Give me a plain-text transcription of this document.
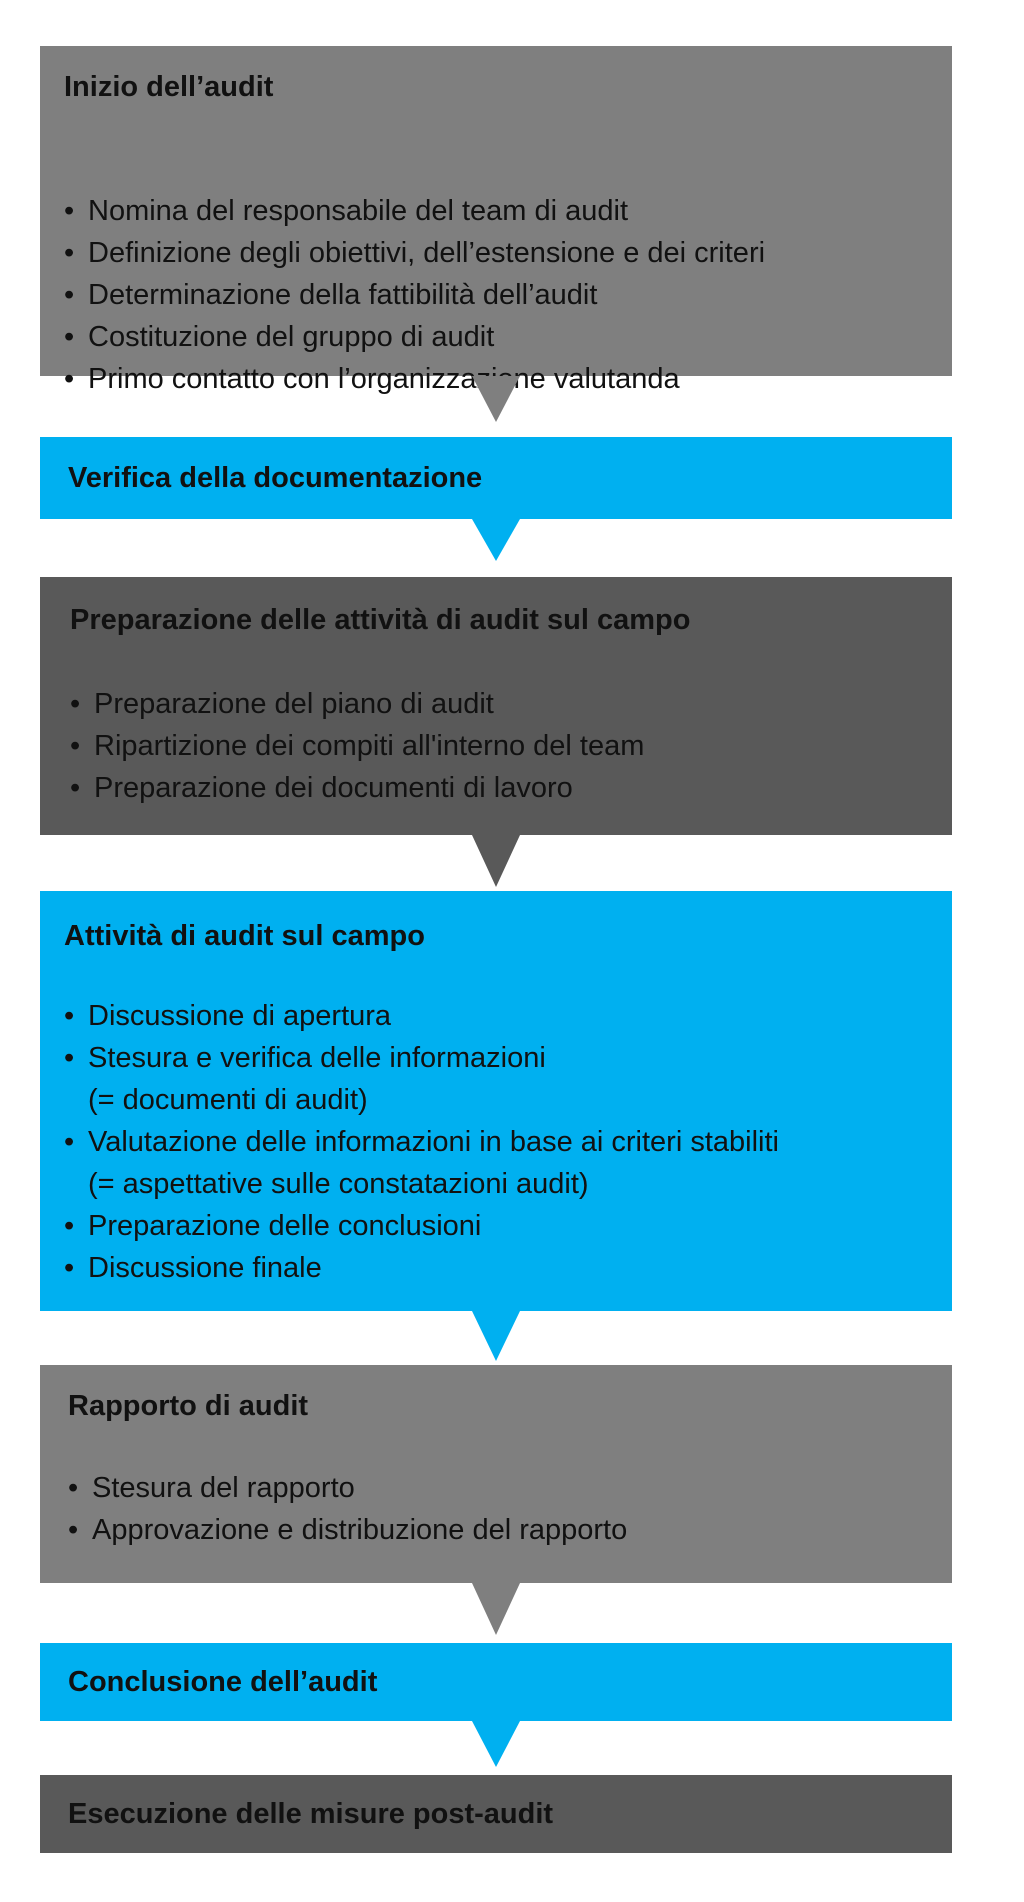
Inizio dell’audit
• Nomina del responsabile del team di audit
• Definizione degli obiettivi, dell’estensione e dei criteri
• Determinazione della fattibilità dell’audit
• Costituzione del gruppo di audit
• Primo contatto con l’organizzazione valutanda
Verifica della documentazione
Preparazione delle attività di audit sul campo
• Preparazione del piano di audit
• Ripartizione dei compiti all'interno del team
• Preparazione dei documenti di lavoro
Attività di audit sul campo
• Discussione di apertura
• Stesura e verifica delle informazioni
(= documenti di audit)
• Valutazione delle informazioni in base ai criteri stabiliti
(= aspettative sulle constatazioni audit)
• Preparazione delle conclusioni
• Discussione finale
Rapporto di audit
• Stesura del rapporto
• Approvazione e distribuzione del rapporto
Conclusione dell’audit
Esecuzione delle misure post-audit
